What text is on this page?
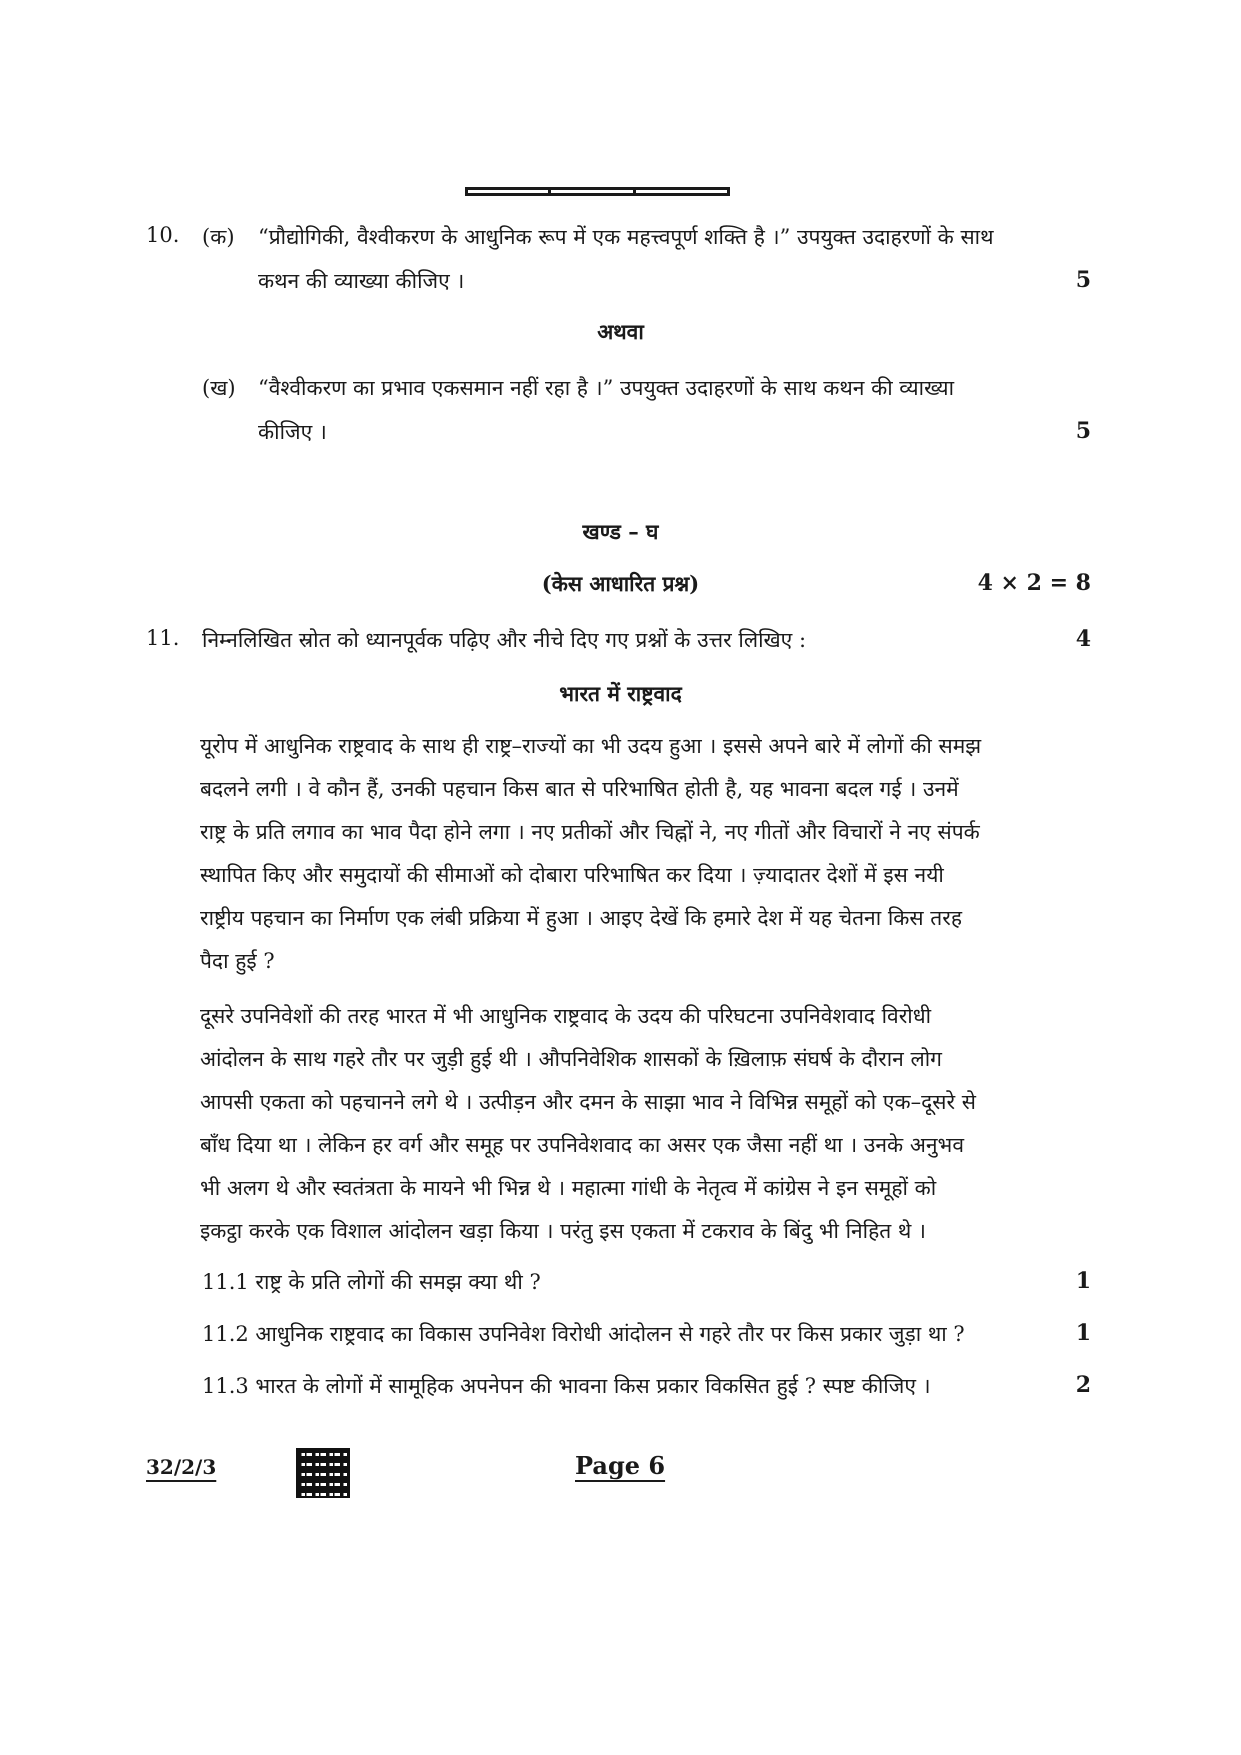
10. (क) “प्रौद्योगिकी, वैश्वीकरण के आधुनिक रूप में एक महत्त्वपूर्ण शक्ति है ।” उपयुक्त उदाहरणों के साथ
कथन की व्याख्या कीजिए ।	5
अथवा
(ख) “वैश्वीकरण का प्रभाव एकसमान नहीं रहा है ।” उपयुक्त उदाहरणों के साथ कथन की व्याख्या
कीजिए ।	5
खण्ड – घ
(केस आधारित प्रश्न)	4 × 2 = 8
11. निम्नलिखित स्रोत को ध्यानपूर्वक पढ़िए और नीचे दिए गए प्रश्नों के उत्तर लिखिए :	4
भारत में राष्ट्रवाद
यूरोप में आधुनिक राष्ट्रवाद के साथ ही राष्ट्र–राज्यों का भी उदय हुआ । इससे अपने बारे में लोगों की समझ
बदलने लगी । वे कौन हैं, उनकी पहचान किस बात से परिभाषित होती है, यह भावना बदल गई । उनमें
राष्ट्र के प्रति लगाव का भाव पैदा होने लगा । नए प्रतीकों और चिह्नों ने, नए गीतों और विचारों ने नए संपर्क
स्थापित किए और समुदायों की सीमाओं को दोबारा परिभाषित कर दिया । ज़्यादातर देशों में इस नयी
राष्ट्रीय पहचान का निर्माण एक लंबी प्रक्रिया में हुआ । आइए देखें कि हमारे देश में यह चेतना किस तरह
पैदा हुई ?
दूसरे उपनिवेशों की तरह भारत में भी आधुनिक राष्ट्रवाद के उदय की परिघटना उपनिवेशवाद विरोधी
आंदोलन के साथ गहरे तौर पर जुड़ी हुई थी । औपनिवेशिक शासकों के ख़िलाफ़ संघर्ष के दौरान लोग
आपसी एकता को पहचानने लगे थे । उत्पीड़न और दमन के साझा भाव ने विभिन्न समूहों को एक–दूसरे से
बाँध दिया था । लेकिन हर वर्ग और समूह पर उपनिवेशवाद का असर एक जैसा नहीं था । उनके अनुभव
भी अलग थे और स्वतंत्रता के मायने भी भिन्न थे । महात्मा गांधी के नेतृत्व में कांग्रेस ने इन समूहों को
इकट्ठा करके एक विशाल आंदोलन खड़ा किया । परंतु इस एकता में टकराव के बिंदु भी निहित थे ।
11.1 राष्ट्र के प्रति लोगों की समझ क्या थी ?	1
11.2 आधुनिक राष्ट्रवाद का विकास उपनिवेश विरोधी आंदोलन से गहरे तौर पर किस प्रकार जुड़ा था ?	1
11.3 भारत के लोगों में सामूहिक अपनेपन की भावना किस प्रकार विकसित हुई ? स्पष्ट कीजिए ।	2
32/2/3	Page 6
